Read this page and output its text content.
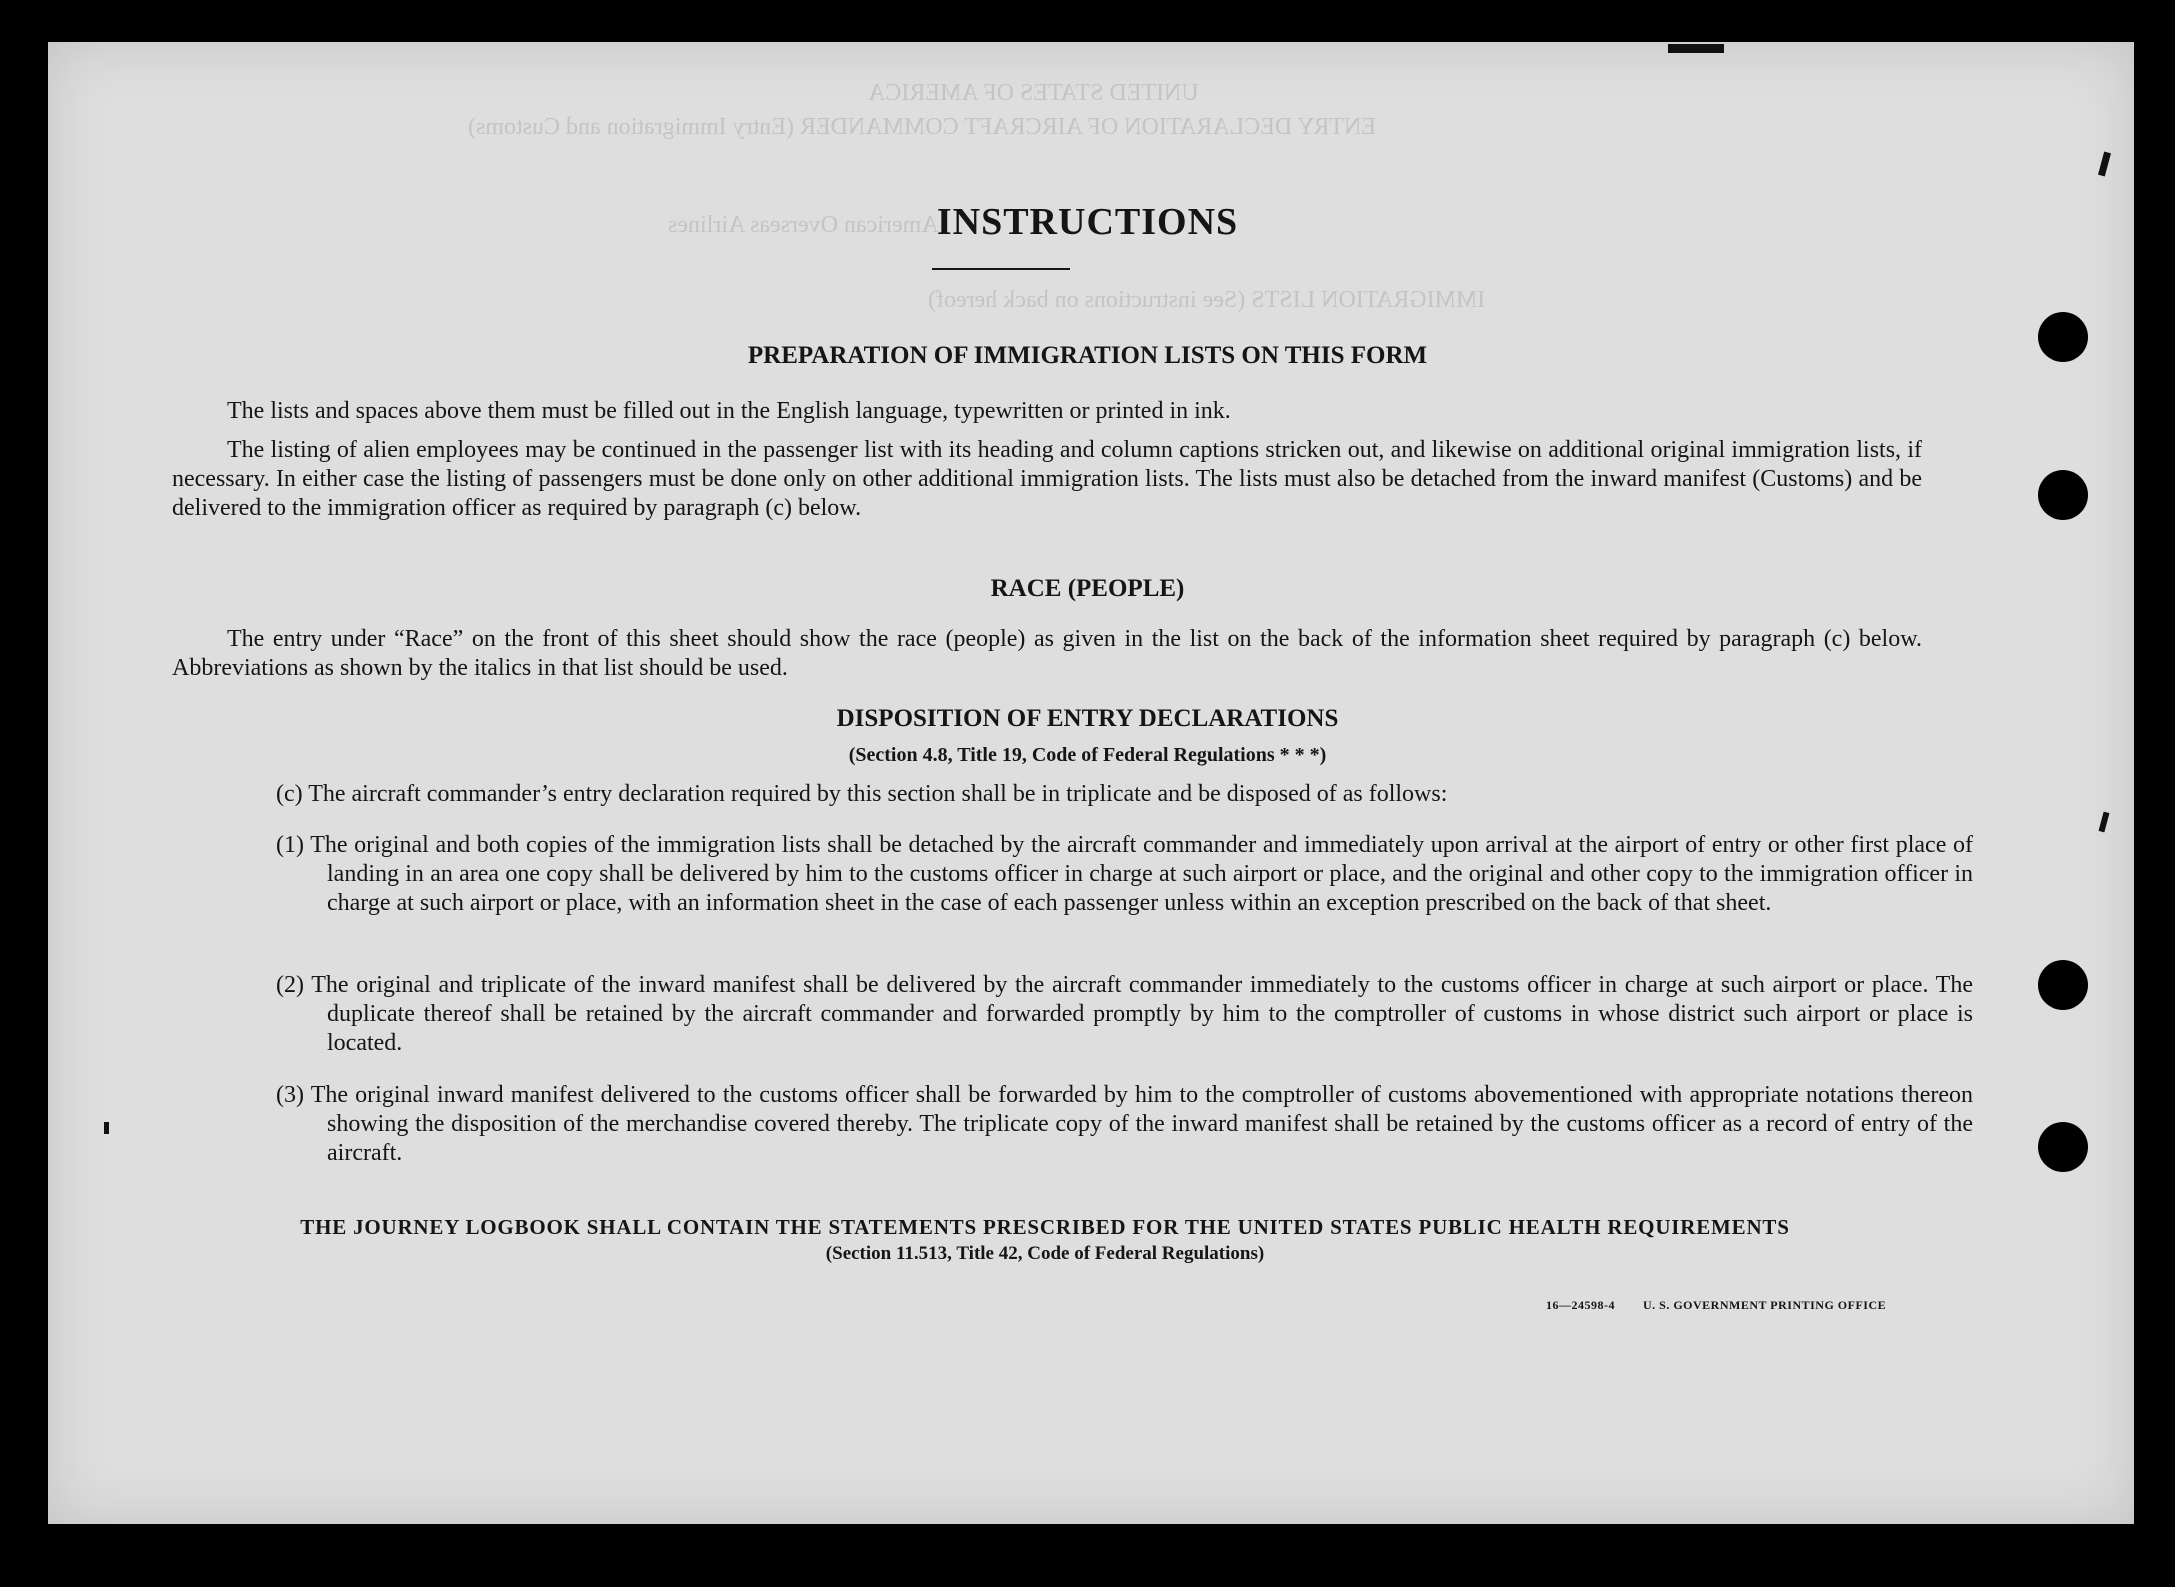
UNITED STATES OF AMERICA
ENTRY DECLARATION OF AIRCRAFT COMMANDER (Entry Immigration and Customs)
American Overseas Airlines
IMMIGRATION LISTS (See instructions on back hereof)
INSTRUCTIONS
PREPARATION OF IMMIGRATION LISTS ON THIS FORM
The lists and spaces above them must be filled out in the English language, typewritten or printed in ink.
The listing of alien employees may be continued in the passenger list with its heading and column captions stricken out, and likewise on additional original immigration lists, if necessary. In either case the listing of passengers must be done only on other additional immigration lists. The lists must also be detached from the inward manifest (Customs) and be delivered to the immigration officer as required by paragraph (c) below.
RACE (PEOPLE)
The entry under “Race” on the front of this sheet should show the race (people) as given in the list on the back of the information sheet required by paragraph (c) below. Abbreviations as shown by the italics in that list should be used.
DISPOSITION OF ENTRY DECLARATIONS
(Section 4.8, Title 19, Code of Federal Regulations * * *)
(c) The aircraft commander’s entry declaration required by this section shall be in triplicate and be disposed of as follows:
(1) The original and both copies of the immigration lists shall be detached by the aircraft commander and immediately upon arrival at the airport of entry or other first place of landing in an area one copy shall be delivered by him to the customs officer in charge at such airport or place, and the original and other copy to the immigration officer in charge at such airport or place, with an information sheet in the case of each passenger unless within an exception prescribed on the back of that sheet.
(2) The original and triplicate of the inward manifest shall be delivered by the aircraft commander immediately to the customs officer in charge at such airport or place. The duplicate thereof shall be retained by the aircraft commander and forwarded promptly by him to the comptroller of customs in whose district such airport or place is located.
(3) The original inward manifest delivered to the customs officer shall be forwarded by him to the comptroller of customs abovementioned with appropriate notations thereon showing the disposition of the merchandise covered thereby. The triplicate copy of the inward manifest shall be retained by the customs officer as a record of entry of the aircraft.
THE JOURNEY LOGBOOK SHALL CONTAIN THE STATEMENTS PRESCRIBED FOR THE UNITED STATES PUBLIC HEALTH REQUIREMENTS
(Section 11.513, Title 42, Code of Federal Regulations)
16—24598-4 U. S. GOVERNMENT PRINTING OFFICE
